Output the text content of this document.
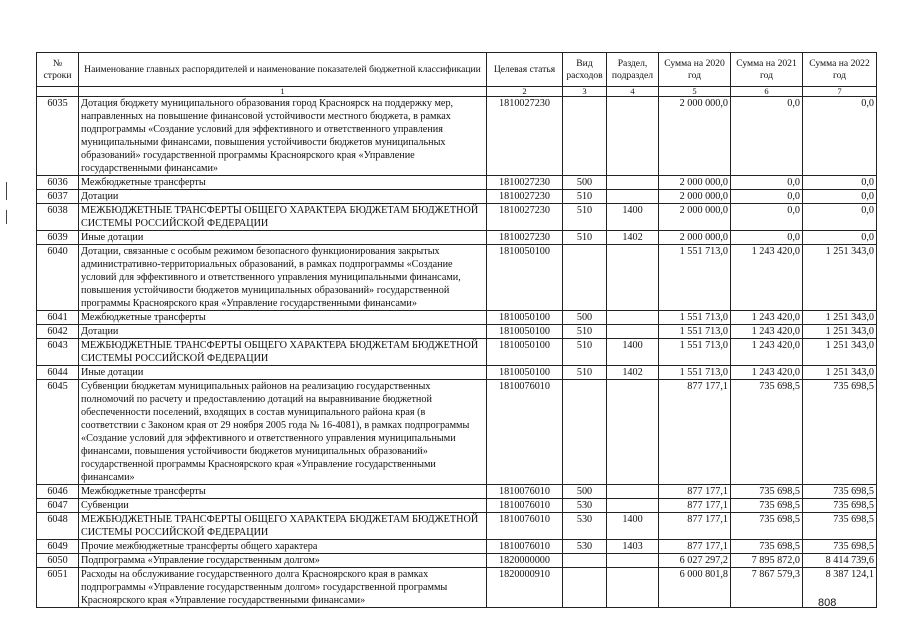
№ строки	Наименование главных распорядителей и наименование показателей бюджетной классификации	Целевая статья	Вид расходов	Раздел, подраздел	Сумма на 2020 год	Сумма на 2021 год	Сумма на 2022 год
	1	2	3	4	5	6	7
6035	Дотация бюджету муниципального образования город Красноярск на поддержку мер, направленных на повышение финансовой устойчивости местного бюджета, в рамках подпрограммы «Создание условий для эффективного и ответственного управления муниципальными финансами, повышения устойчивости бюджетов муниципальных образований» государственной программы Красноярского края «Управление государственными финансами»	1810027230			2 000 000,0	0,0	0,0
6036	Межбюджетные трансферты	1810027230	500		2 000 000,0	0,0	0,0
6037	Дотации	1810027230	510		2 000 000,0	0,0	0,0
6038	МЕЖБЮДЖЕТНЫЕ ТРАНСФЕРТЫ ОБЩЕГО ХАРАКТЕРА БЮДЖЕТАМ БЮДЖЕТНОЙ СИСТЕМЫ РОССИЙСКОЙ ФЕДЕРАЦИИ	1810027230	510	1400	2 000 000,0	0,0	0,0
6039	Иные дотации	1810027230	510	1402	2 000 000,0	0,0	0,0
6040	Дотации, связанные с особым режимом безопасного функционирования закрытых административно-территориальных образований, в рамках подпрограммы «Создание условий для эффективного и ответственного управления муниципальными финансами, повышения устойчивости бюджетов муниципальных образований» государственной программы Красноярского края «Управление государственными финансами»	1810050100			1 551 713,0	1 243 420,0	1 251 343,0
6041	Межбюджетные трансферты	1810050100	500		1 551 713,0	1 243 420,0	1 251 343,0
6042	Дотации	1810050100	510		1 551 713,0	1 243 420,0	1 251 343,0
6043	МЕЖБЮДЖЕТНЫЕ ТРАНСФЕРТЫ ОБЩЕГО ХАРАКТЕРА БЮДЖЕТАМ БЮДЖЕТНОЙ СИСТЕМЫ РОССИЙСКОЙ ФЕДЕРАЦИИ	1810050100	510	1400	1 551 713,0	1 243 420,0	1 251 343,0
6044	Иные дотации	1810050100	510	1402	1 551 713,0	1 243 420,0	1 251 343,0
6045	Субвенции бюджетам муниципальных районов на реализацию государственных полномочий по расчету и предоставлению дотаций на выравнивание бюджетной обеспеченности поселений, входящих в состав муниципального района края (в соответствии с Законом края от 29 ноября 2005 года № 16-4081), в рамках подпрограммы «Создание условий для эффективного и ответственного управления муниципальными финансами, повышения устойчивости бюджетов муниципальных образований» государственной программы Красноярского края «Управление государственными финансами»	1810076010			877 177,1	735 698,5	735 698,5
6046	Межбюджетные трансферты	1810076010	500		877 177,1	735 698,5	735 698,5
6047	Субвенции	1810076010	530		877 177,1	735 698,5	735 698,5
6048	МЕЖБЮДЖЕТНЫЕ ТРАНСФЕРТЫ ОБЩЕГО ХАРАКТЕРА БЮДЖЕТАМ БЮДЖЕТНОЙ СИСТЕМЫ РОССИЙСКОЙ ФЕДЕРАЦИИ	1810076010	530	1400	877 177,1	735 698,5	735 698,5
6049	Прочие межбюджетные трансферты общего характера	1810076010	530	1403	877 177,1	735 698,5	735 698,5
6050	Подпрограмма «Управление государственным долгом»	1820000000			6 027 297,2	7 895 872,0	8 414 739,6
6051	Расходы на обслуживание государственного долга Красноярского края в рамках подпрограммы «Управление государственным долгом» государственной программы Красноярского края «Управление государственными финансами»	1820000910			6 000 801,8	7 867 579,3	8 387 124,1
808
